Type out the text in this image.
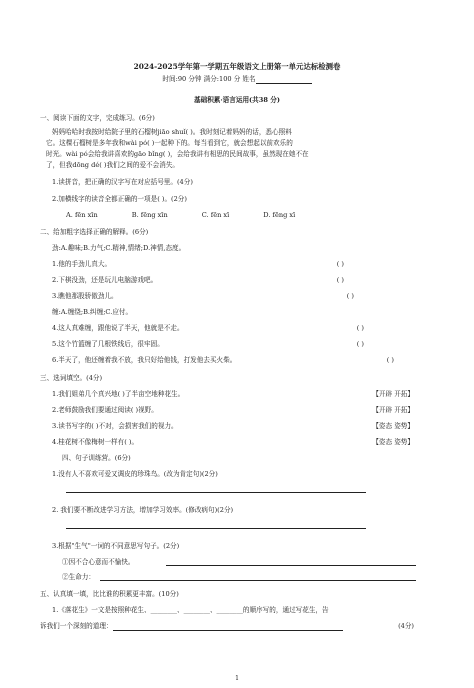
2024-2025学年第一学期五年级语文上册第一单元达标检测卷
时间:90 分钟 满分:100 分 姓名
基础积累·语言运用(共38 分)
一、阅读下面的文字，完成练习。(6分)
妈妈哈哈时我按时给院子里的石榴树jiāo shuǐ( )。我时刻记着妈妈的话，悉心照料
它。这棵石榴树是多年我和wài pó( )一起种下的。每当看到它，就会想起以前欢乐的
时光。wài pó会给我讲喜欢的gāo bǐng( )，会给我讲有相思的民间故事，虽然现在她不在
了，但我dōng dé( )我们之间的爱不会消失。
1.读拼音，把正确的汉字写在对应括号里。(4分)
2.加横线字的读音全都正确的一项是( )。(2分)
A. fēn xīn	B. fēng xīn	C. fēn xī	D. fēng xī
二、给加粗字选择正确的解释。(6分)
劲:A.趣味;B.力气;C.精神,情绪;D.神情,态度。
1.他的手劲儿真大。	( )
2.下棋没劲，还是玩儿电脑游戏吧。	( )
3.瞧他那股骄傲劲儿。	( )
缠:A.缠绕;B.纠缠;C.应付。
4.这人真难缠，跟他说了半天，他就是不走。	( )
5.这个竹篮缠了几根铁线后，很牢固。	( )
6.半天了，他还缠着我不放，我只好给他钱，打发他去买火柴。	( )
三、选词填空。(4分)
1.我们姐弟几个真兴地( )了半亩空地种花生。	【开辟 开拓】
2.老师鼓励我们要通过阅读( )视野。	【开辟 开拓】
3.读书写字的( )不对，会损害我们的视力。	【姿态 姿势】
4.桂花树不像梅树一样有( )。	【姿态 姿势】
四、句子训练营。(6分)
1.没有人不喜欢可爱又调皮的珍珠鸟。(改为肯定句)(2分)
2. 我们要不断改进学习方法，增加学习效率。(修改病句)(2分)
3.根据"生气"一词的不同意思写句子。(2分)
①因不合心意而不愉快。
②生命力：
五、认真填一填，比比谁的积累更丰富。(10分)
1.《落花生》一文是按照种花生、________、________、________的顺序写的，通过写花生，告
诉我们一个深刻的道理：	(4分)
1
